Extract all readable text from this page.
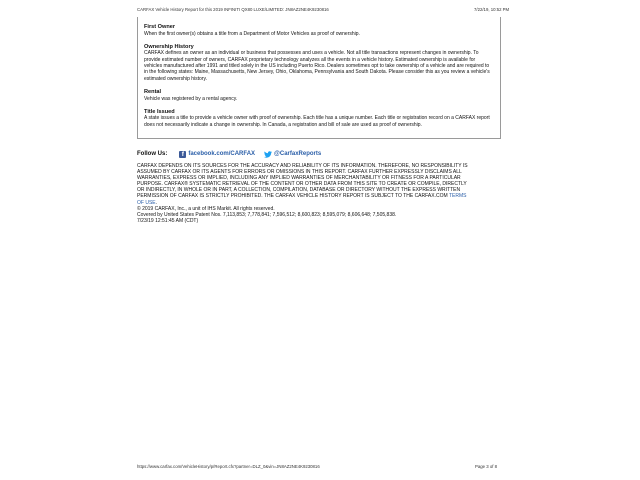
CARFAX Vehicle History Report for this 2019 INFINITI QX80 LUXE/LIMITED: JN8AZ2NE4K9230816	7/22/19, 10:52 PM
First Owner
When the first owner(s) obtains a title from a Department of Motor Vehicles as proof of ownership.
Ownership History
CARFAX defines an owner as an individual or business that possesses and uses a vehicle. Not all title transactions represent changes in ownership. To provide estimated number of owners, CARFAX proprietary technology analyzes all the events in a vehicle history. Estimated ownership is available for vehicles manufactured after 1991 and titled solely in the US including Puerto Rico. Dealers sometimes opt to take ownership of a vehicle and are required to in the following states: Maine, Massachusetts, New Jersey, Ohio, Oklahoma, Pennsylvania and South Dakota. Please consider this as you review a vehicle's estimated ownership history.
Rental
Vehicle was registered by a rental agency.
Title Issued
A state issues a title to provide a vehicle owner with proof of ownership. Each title has a unique number. Each title or registration record on a CARFAX report does not necessarily indicate a change in ownership. In Canada, a registration and bill of sale are used as proof of ownership.
Follow Us:	f facebook.com/CARFAX	@CarfaxReports
CARFAX DEPENDS ON ITS SOURCES FOR THE ACCURACY AND RELIABILITY OF ITS INFORMATION. THEREFORE, NO RESPONSIBILITY IS ASSUMED BY CARFAX OR ITS AGENTS FOR ERRORS OR OMISSIONS IN THIS REPORT. CARFAX FURTHER EXPRESSLY DISCLAIMS ALL WARRANTIES, EXPRESS OR IMPLIED, INCLUDING ANY IMPLIED WARRANTIES OF MERCHANTABILITY OR FITNESS FOR A PARTICULAR PURPOSE. CARFAX® SYSTEMATIC RETRIEVAL OF THE CONTENT OR OTHER DATA FROM THIS SITE TO CREATE OR COMPILE, DIRECTLY OR INDIRECTLY, IN WHOLE OR IN PART, A COLLECTION, COMPILATION, DATABASE OR DIRECTORY WITHOUT THE EXPRESS WRITTEN PERMISSION OF CARFAX IS STRICTLY PROHIBITED. THE CARFAX VEHICLE HISTORY REPORT IS SUBJECT TO THE CARFAX.COM TERMS OF USE.
© 2019 CARFAX, Inc., a unit of IHS Markit. All rights reserved.
Covered by United States Patent Nos. 7,113,853; 7,778,841; 7,596,512; 8,600,823; 8,595,079; 8,606,648; 7,505,838.
7/23/19 12:51:45 AM (CDT)
https://www.carfax.com/VehicleHistory/p/Report.cfx?partner=DLZ_0&vin=JN8AZ2NE4K9230816	Page 3 of 8
